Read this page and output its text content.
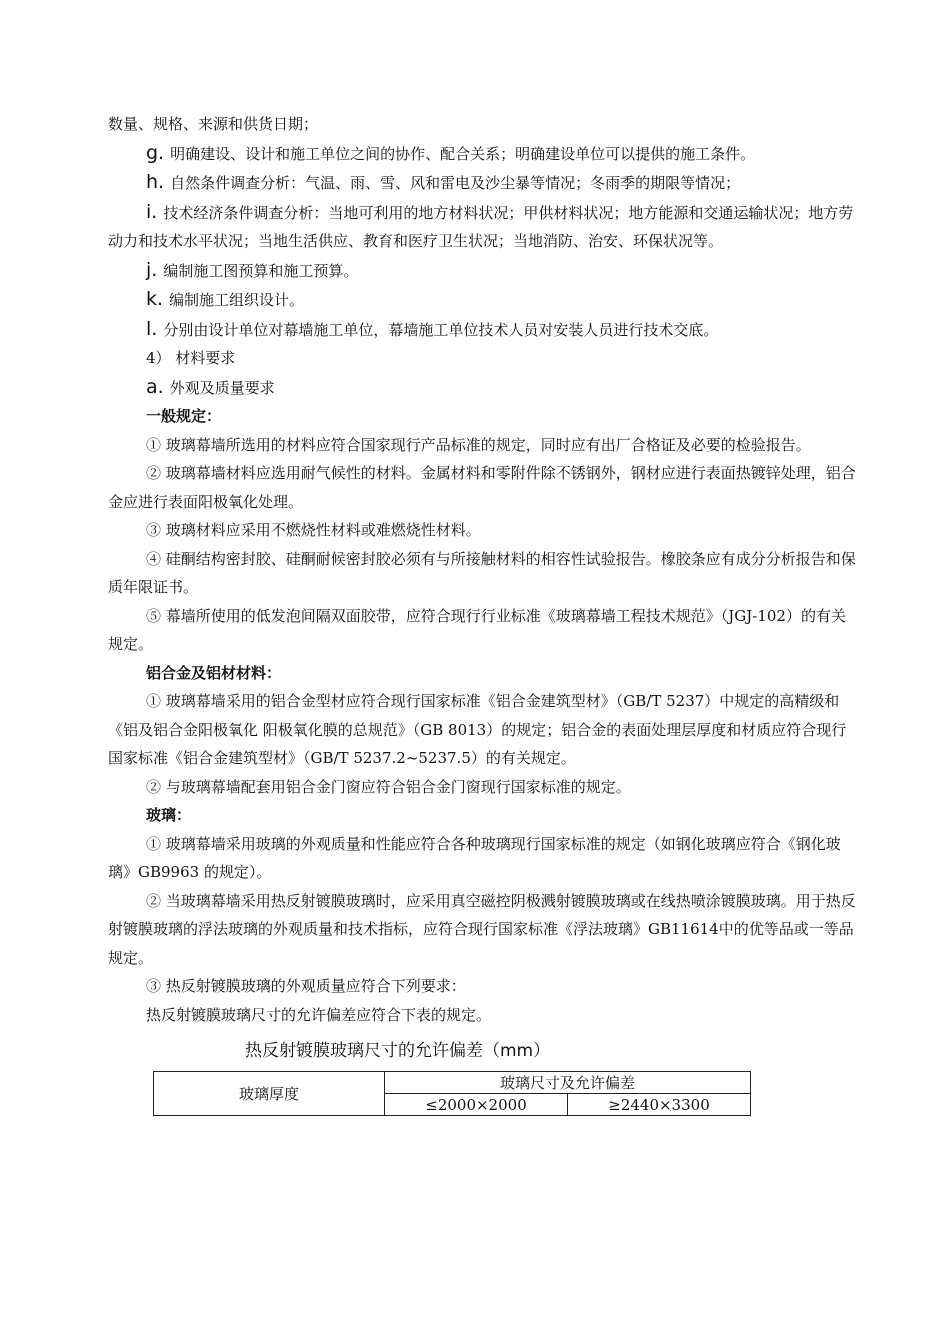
数量、规格、来源和供货日期；

g. 明确建设、设计和施工单位之间的协作、配合关系；明确建设单位可以提供的施工条件。

h. 自然条件调查分析：气温、雨、雪、风和雷电及沙尘暴等情况；冬雨季的期限等情况；

i. 技术经济条件调查分析：当地可利用的地方材料状况；甲供材料状况；地方能源和交通运输状况；地方劳动力和技术水平状况；当地生活供应、教育和医疗卫生状况；当地消防、治安、环保状况等。

j. 编制施工图预算和施工预算。

k. 编制施工组织设计。

l. 分别由设计单位对幕墙施工单位，幕墙施工单位技术人员对安装人员进行技术交底。

4） 材料要求

a. 外观及质量要求

一般规定：

① 玻璃幕墙所选用的材料应符合国家现行产品标准的规定，同时应有出厂合格证及必要的检验报告。

② 玻璃幕墙材料应选用耐气候性的材料。金属材料和零附件除不锈钢外，钢材应进行表面热镀锌处理，铝合金应进行表面阳极氧化处理。

③ 玻璃材料应采用不燃烧性材料或难燃烧性材料。

④ 硅酮结构密封胶、硅酮耐候密封胶必须有与所接触材料的相容性试验报告。橡胶条应有成分分析报告和保质年限证书。

⑤ 幕墙所使用的低发泡间隔双面胶带，应符合现行行业标准《玻璃幕墙工程技术规范》（JGJ-102）的有关规定。

铝合金及铝材材料：

① 玻璃幕墙采用的铝合金型材应符合现行国家标准《铝合金建筑型材》（GB/T 5237）中规定的高精级和《铝及铝合金阳极氧化 阳极氧化膜的总规范》（GB 8013）的规定；铝合金的表面处理层厚度和材质应符合现行国家标准《铝合金建筑型材》（GB/T 5237.2~5237.5）的有关规定。

② 与玻璃幕墙配套用铝合金门窗应符合铝合金门窗现行国家标准的规定。

玻璃：

① 玻璃幕墙采用玻璃的外观质量和性能应符合各种玻璃现行国家标准的规定（如钢化玻璃应符合《钢化玻璃》GB9963 的规定）。

② 当玻璃幕墙采用热反射镀膜玻璃时，应采用真空磁控阴极溅射镀膜玻璃或在线热喷涂镀膜玻璃。用于热反射镀膜玻璃的浮法玻璃的外观质量和技术指标，应符合现行国家标准《浮法玻璃》GB11614中的优等品或一等品规定。

③ 热反射镀膜玻璃的外观质量应符合下列要求：

热反射镀膜玻璃尺寸的允许偏差应符合下表的规定。

热反射镀膜玻璃尺寸的允许偏差（mm）

玻璃厚度	玻璃尺寸及允许偏差	
	≤2000×2000	≥2440×3300
